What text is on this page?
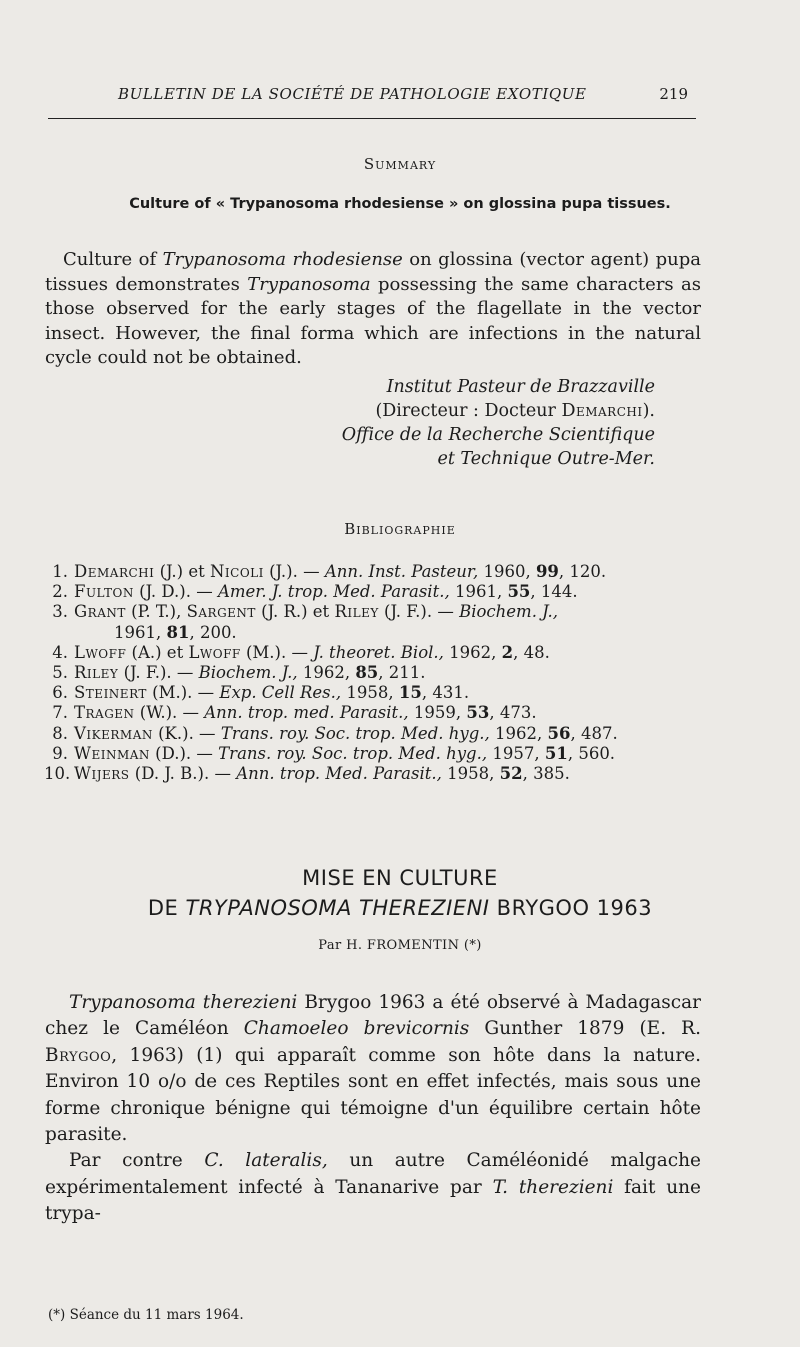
BULLETIN DE LA SOCIÉTÉ DE PATHOLOGIE EXOTIQUE	219
Summary
Culture of « Trypanosoma rhodesiense » on glossina pupa tissues.

Culture of Trypanosoma rhodesiense on glossina (vector agent) pupa tissues demonstrates Trypanosoma possessing the same characters as those observed for the early stages of the flagellate in the vector insect. However, the final forma which are infections in the natural cycle could not be obtained.

Institut Pasteur de Brazzaville
(Directeur : Docteur Demarchi).
Office de la Recherche Scientifique
et Technique Outre-Mer.
Bibliographie
1. Demarchi (J.) et Nicoli (J.). — Ann. Inst. Pasteur, 1960, 99, 120.
2. Fulton (J. D.). — Amer. J. trop. Med. Parasit., 1961, 55, 144.
3. Grant (P. T.), Sargent (J. R.) et Riley (J. F.). — Biochem. J.,
1961, 81, 200.
4. Lwoff (A.) et Lwoff (M.). — J. theoret. Biol., 1962, 2, 48.
5. Riley (J. F.). — Biochem. J., 1962, 85, 211.
6. Steinert (M.). — Exp. Cell Res., 1958, 15, 431.
7. Tragen (W.). — Ann. trop. med. Parasit., 1959, 53, 473.
8. Vikerman (K.). — Trans. roy. Soc. trop. Med. hyg., 1962, 56, 487.
9. Weinman (D.). — Trans. roy. Soc. trop. Med. hyg., 1957, 51, 560.
10. Wijers (D. J. B.). — Ann. trop. Med. Parasit., 1958, 52, 385.
MISE EN CULTURE
DE TRYPANOSOMA THEREZIENI BRYGOO 1963
Par H. FROMENTIN (*)

Trypanosoma therezieni Brygoo 1963 a été observé à Madagascar chez le Caméléon Chamoeleo brevicornis Gunther 1879 (E. R. Brygoo, 1963) (1) qui apparaît comme son hôte dans la nature. Environ 10 o/o de ces Reptiles sont en effet infectés, mais sous une forme chronique bénigne qui témoigne d'un équilibre certain hôte parasite.

Par contre C. lateralis, un autre Caméléonidé malgache expérimentalement infecté à Tananarive par T. therezieni fait une trypa-

(*) Séance du 11 mars 1964.
